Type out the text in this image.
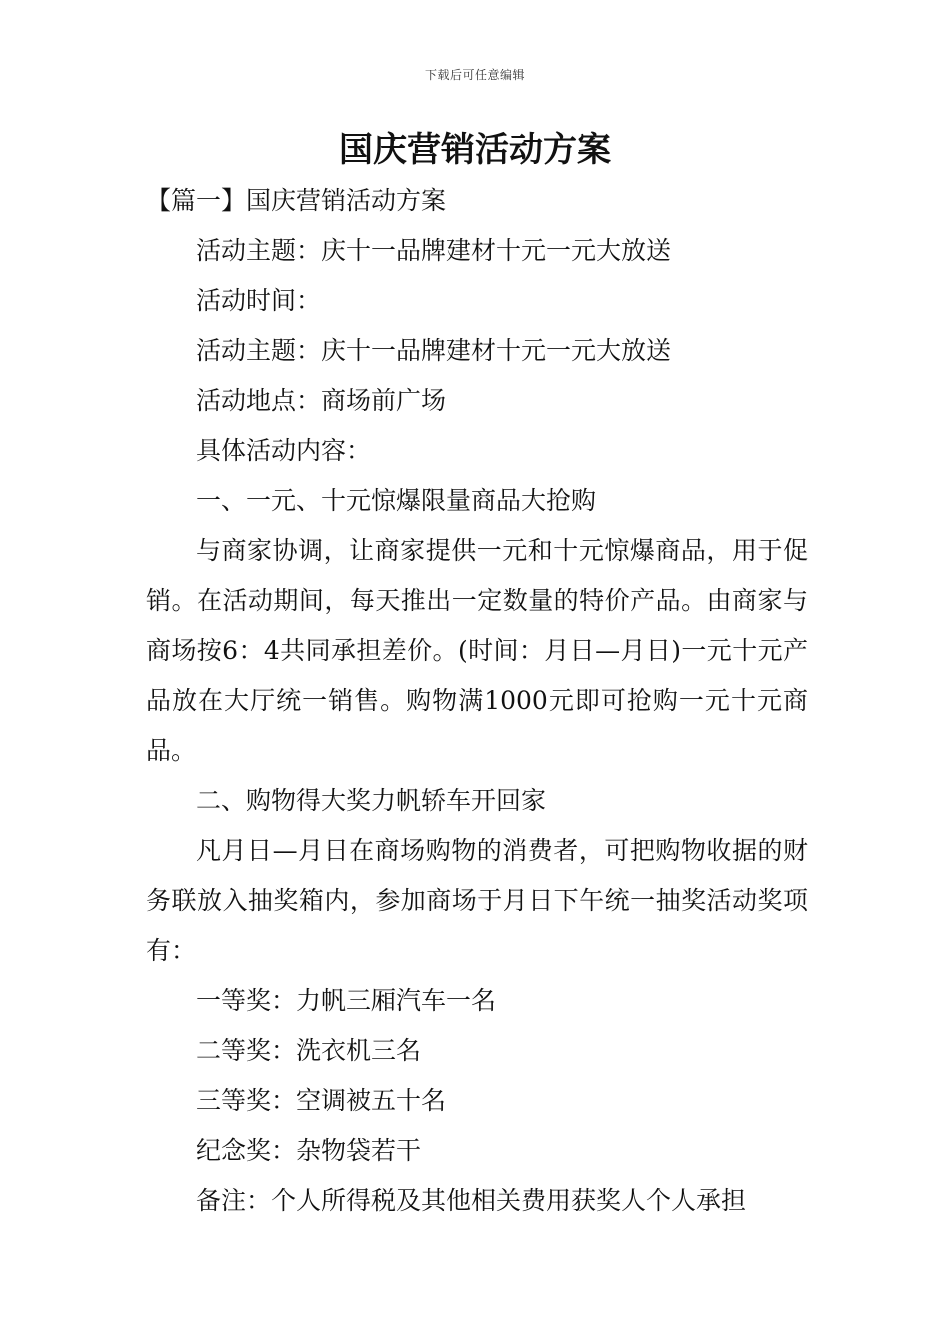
下载后可任意编辑
国庆营销活动方案

【篇一】国庆营销活动方案

活动主题：庆十一品牌建材十元一元大放送

活动时间：

活动主题：庆十一品牌建材十元一元大放送

活动地点：商场前广场

具体活动内容：

一、一元、十元惊爆限量商品大抢购

与商家协调，让商家提供一元和十元惊爆商品，用于促销。在活动期间，每天推出一定数量的特价产品。由商家与商场按6：4共同承担差价。(时间：月日—月日)一元十元产品放在大厅统一销售。购物满1000元即可抢购一元十元商品。

二、购物得大奖力帆轿车开回家

凡月日—月日在商场购物的消费者，可把购物收据的财务联放入抽奖箱内，参加商场于月日下午统一抽奖活动奖项有：

一等奖：力帆三厢汽车一名

二等奖：洗衣机三名

三等奖：空调被五十名

纪念奖：杂物袋若干

备注：个人所得税及其他相关费用获奖人个人承担
